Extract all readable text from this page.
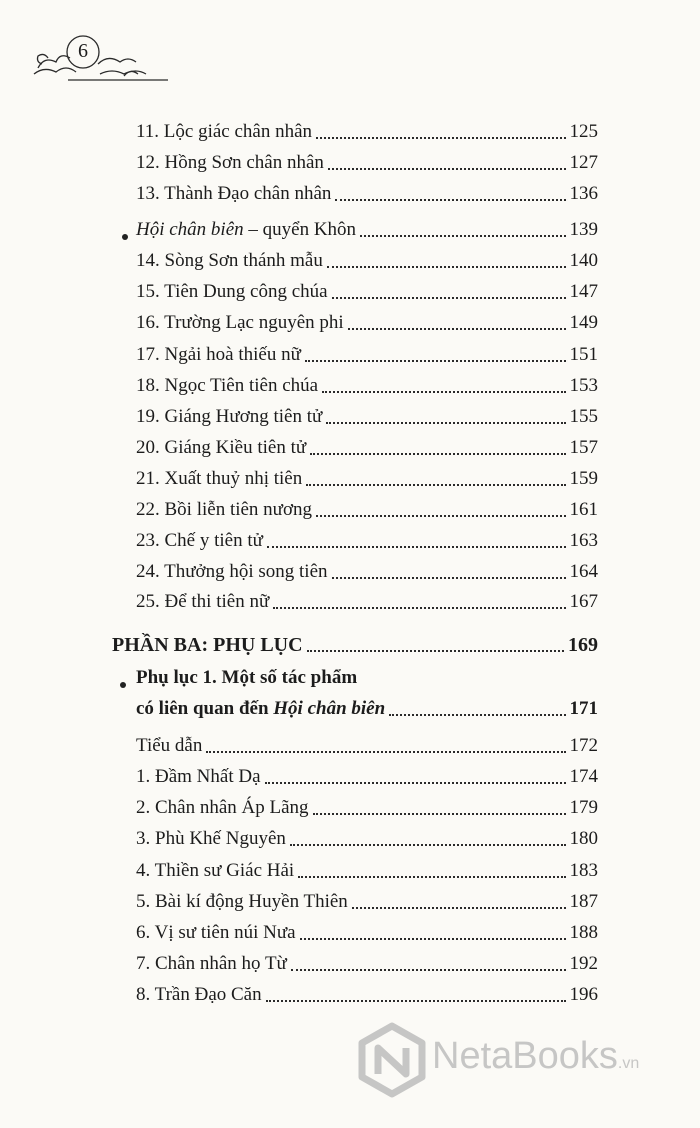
6
11. Lộc giác chân nhân	125
12. Hồng Sơn chân nhân	127
13. Thành Đạo chân nhân	136
Hội chân biên – quyển Khôn	139
14. Sòng Sơn thánh mẫu	140
15. Tiên Dung công chúa	147
16. Trường Lạc nguyên phi	149
17. Ngải hoà thiếu nữ	151
18. Ngọc Tiên tiên chúa	153
19. Giáng Hương tiên tử	155
20. Giáng Kiều tiên tử	157
21. Xuất thuỷ nhị tiên	159
22. Bồi liễn tiên nương	161
23. Chế y tiên tử	163
24. Thưởng hội song tiên	164
25. Để thi tiên nữ	167
PHẦN BA: PHỤ LỤC	169
Phụ lục 1. Một số tác phẩm
có liên quan đến Hội chân biên	171
Tiểu dẫn	172
1. Đầm Nhất Dạ	174
2. Chân nhân Áp Lãng	179
3. Phù Khế Nguyên	180
4. Thiền sư Giác Hải	183
5. Bài kí động Huyền Thiên	187
6. Vị sư tiên núi Nưa	188
7. Chân nhân họ Từ	192
8. Trần Đạo Căn	196
NetaBooks.vn
